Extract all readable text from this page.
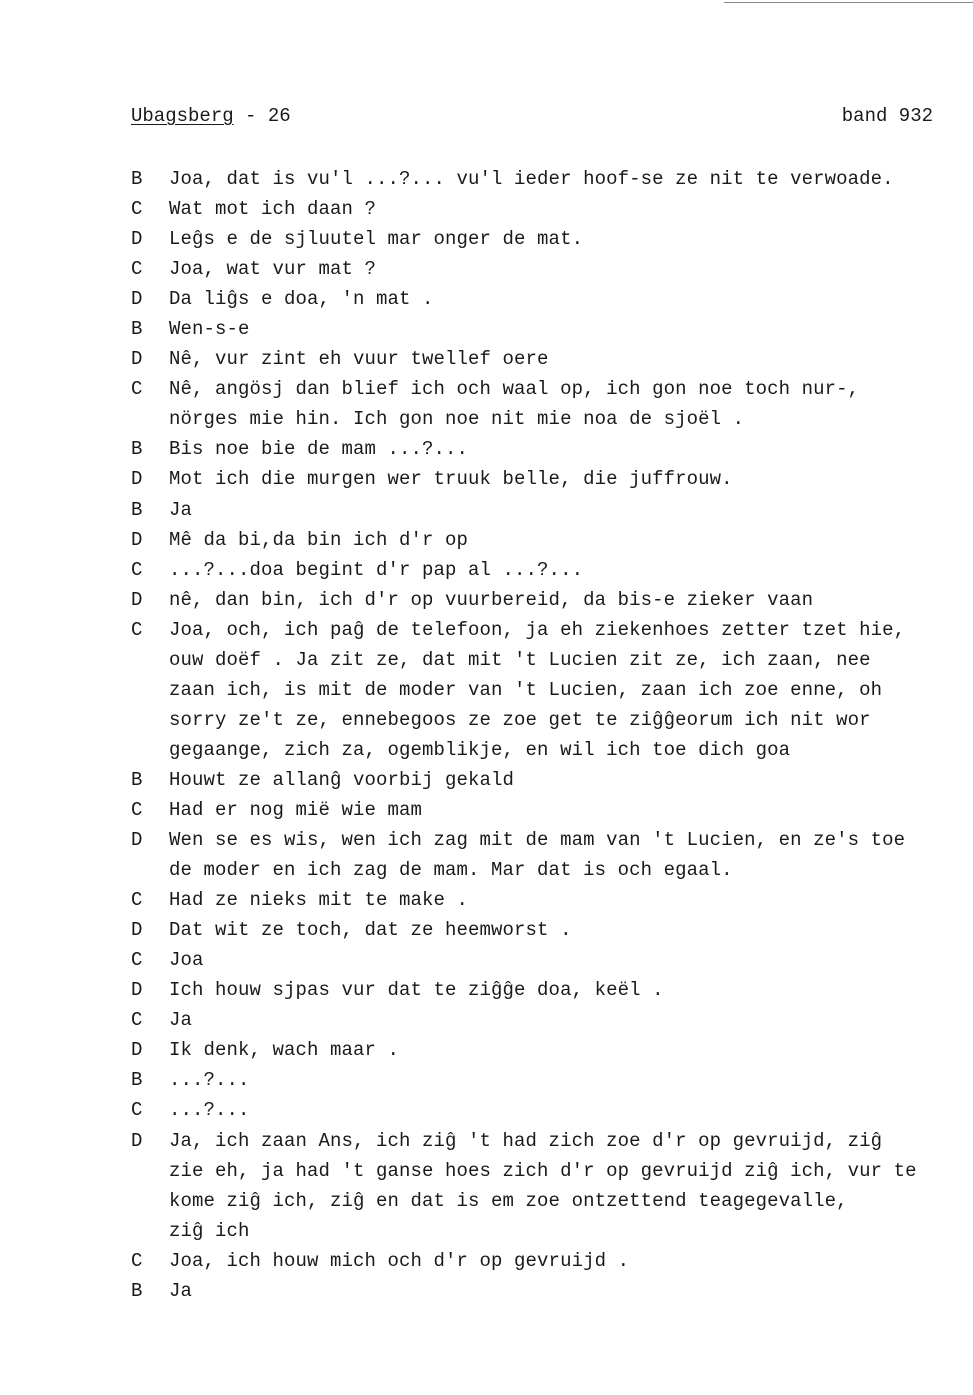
Ubagsberg - 26	band 932
B	Joa, dat is vu'l ...?... vu'l ieder hoof-se ze nit te verwoade.
C	Wat mot ich daan ?
D	Leĝs e de sjluutel mar onger de mat.
C	Joa, wat vur mat ?
D	Da liĝs e doa, 'n mat .
B	Wen-s-e
D	Nê, vur zint eh vuur twellef oere
C	Nê, angösj dan blief ich och waal op, ich gon noe toch nur-,
nörges mie hin. Ich gon noe nit mie noa de sjoël .
B	Bis noe bie de mam ...?...
D	Mot ich die murgen wer truuk belle, die juffrouw.
B	Ja
D	Mê da bi,da bin ich d'r op
C	...?...doa begint d'r pap al ...?...
D	nê, dan bin, ich d'r op vuurbereid, da bis-e zieker vaan
C	Joa, och, ich paĝ de telefoon, ja eh ziekenhoes zetter tzet hie,
ouw doëf . Ja zit ze, dat mit 't Lucien zit ze, ich zaan, nee
zaan ich, is mit de moder van 't Lucien, zaan ich zoe enne, oh
sorry ze't ze, ennebegoos ze zoe get te ziĝĝeorum ich nit wor
gegaange, zich za, ogemblikje, en wil ich toe dich goa
B	Houwt ze allanĝ voorbij gekald
C	Had er nog mië wie mam
D	Wen se es wis, wen ich zag mit de mam van 't Lucien, en ze's toe
de moder en ich zag de mam. Mar dat is och egaal.
C	Had ze nieks mit te make .
D	Dat wit ze toch, dat ze heemworst .
C	Joa
D	Ich houw sjpas vur dat te ziĝĝe doa, keël .
C	Ja
D	Ik denk, wach maar .
B	...?...
C	...?...
D	Ja, ich zaan Ans, ich ziĝ 't had zich zoe d'r op gevruijd, ziĝ
zie eh, ja had 't ganse hoes zich d'r op gevruijd ziĝ ich, vur te
kome ziĝ ich, ziĝ en dat is em zoe ontzettend teagegevalle,
ziĝ ich
C	Joa, ich houw mich och d'r op gevruijd .
B	Ja
